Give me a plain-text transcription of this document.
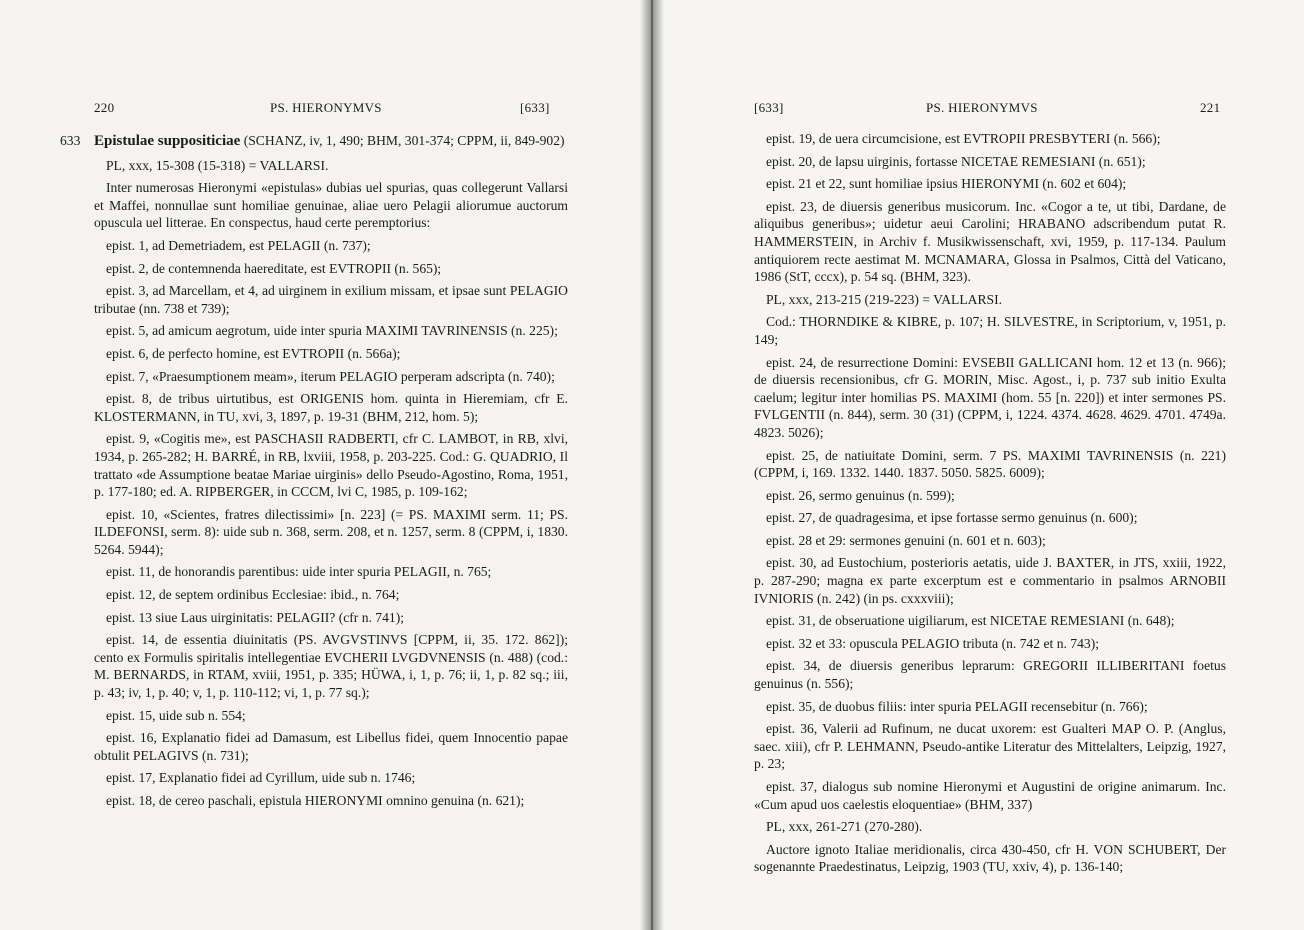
220	PS. HIERONYMVS	[633]
633 Epistulae suppositiciae (SCHANZ, iv, 1, 490; BHM, 301-374; CPPM, ii, 849-902)

PL, xxx, 15-308 (15-318) = VALLARSI.

Inter numerosas Hieronymi «epistulas» dubias uel spurias, quas collegerunt Vallarsi et Maffei, nonnullae sunt homiliae genuinae, aliae uero Pelagii aliorumue auctorum opuscula uel litterae. En conspectus, haud certe peremptorius:

epist. 1, ad Demetriadem, est PELAGII (n. 737);

epist. 2, de contemnenda haereditate, est EVTROPII (n. 565);

epist. 3, ad Marcellam, et 4, ad uirginem in exilium missam, et ipsae sunt PELAGIO tributae (nn. 738 et 739);

epist. 5, ad amicum aegrotum, uide inter spuria MAXIMI TAVRINENSIS (n. 225);

epist. 6, de perfecto homine, est EVTROPII (n. 566a);

epist. 7, «Praesumptionem meam», iterum PELAGIO perperam adscripta (n. 740);

epist. 8, de tribus uirtutibus, est ORIGENIS hom. quinta in Hieremiam, cfr E. KLOSTERMANN, in TU, xvi, 3, 1897, p. 19-31 (BHM, 212, hom. 5);

epist. 9, «Cogitis me», est PASCHASII RADBERTI, cfr C. LAMBOT, in RB, xlvi, 1934, p. 265-282; H. BARRÉ, in RB, lxviii, 1958, p. 203-225. Cod.: G. QUADRIO, Il trattato «de Assumptione beatae Mariae uirginis» dello Pseudo-Agostino, Roma, 1951, p. 177-180; ed. A. RIPBERGER, in CCCM, lvi C, 1985, p. 109-162;

epist. 10, «Scientes, fratres dilectissimi» [n. 223] (= PS. MAXIMI serm. 11; PS. ILDEFONSI, serm. 8): uide sub n. 368, serm. 208, et n. 1257, serm. 8 (CPPM, i, 1830. 5264. 5944);

epist. 11, de honorandis parentibus: uide inter spuria PELAGII, n. 765;

epist. 12, de septem ordinibus Ecclesiae: ibid., n. 764;

epist. 13 siue Laus uirginitatis: PELAGII? (cfr n. 741);

epist. 14, de essentia diuinitatis (PS. AVGVSTINVS [CPPM, ii, 35. 172. 862]); cento ex Formulis spiritalis intellegentiae EVCHERII LVGDVNENSIS (n. 488) (cod.: M. BERNARDS, in RTAM, xviii, 1951, p. 335; HÜWA, i, 1, p. 76; ii, 1, p. 82 sq.; iii, p. 43; iv, 1, p. 40; v, 1, p. 110-112; vi, 1, p. 77 sq.);

epist. 15, uide sub n. 554;

epist. 16, Explanatio fidei ad Damasum, est Libellus fidei, quem Innocentio papae obtulit PELAGIVS (n. 731);

epist. 17, Explanatio fidei ad Cyrillum, uide sub n. 1746;

epist. 18, de cereo paschali, epistula HIERONYMI omnino genuina (n. 621);

[633]	PS. HIERONYMVS	221

epist. 19, de uera circumcisione, est EVTROPII PRESBYTERI (n. 566);

epist. 20, de lapsu uirginis, fortasse NICETAE REMESIANI (n. 651);

epist. 21 et 22, sunt homiliae ipsius HIERONYMI (n. 602 et 604);

epist. 23, de diuersis generibus musicorum. Inc. «Cogor a te, ut tibi, Dardane, de aliquibus generibus»; uidetur aeui Carolini; HRABANO adscribendum putat R. HAMMERSTEIN, in Archiv f. Musikwissenschaft, xvi, 1959, p. 117-134. Paulum antiquiorem recte aestimat M. MCNAMARA, Glossa in Psalmos, Città del Vaticano, 1986 (StT, cccx), p. 54 sq. (BHM, 323).

PL, xxx, 213-215 (219-223) = VALLARSI.

Cod.: THORNDIKE & KIBRE, p. 107; H. SILVESTRE, in Scriptorium, v, 1951, p. 149;

epist. 24, de resurrectione Domini: EVSEBII GALLICANI hom. 12 et 13 (n. 966); de diuersis recensionibus, cfr G. MORIN, Misc. Agost., i, p. 737 sub initio Exulta caelum; legitur inter homilias PS. MAXIMI (hom. 55 [n. 220]) et inter sermones PS. FVLGENTII (n. 844), serm. 30 (31) (CPPM, i, 1224. 4374. 4628. 4629. 4701. 4749a. 4823. 5026);

epist. 25, de natiuitate Domini, serm. 7 PS. MAXIMI TAVRINENSIS (n. 221) (CPPM, i, 169. 1332. 1440. 1837. 5050. 5825. 6009);

epist. 26, sermo genuinus (n. 599);

epist. 27, de quadragesima, et ipse fortasse sermo genuinus (n. 600);

epist. 28 et 29: sermones genuini (n. 601 et n. 603);

epist. 30, ad Eustochium, posterioris aetatis, uide J. BAXTER, in JTS, xxiii, 1922, p. 287-290; magna ex parte excerptum est e commentario in psalmos ARNOBII IVNIORIS (n. 242) (in ps. cxxxviii);

epist. 31, de obseruatione uigiliarum, est NICETAE REMESIANI (n. 648);

epist. 32 et 33: opuscula PELAGIO tributa (n. 742 et n. 743);

epist. 34, de diuersis generibus leprarum: GREGORII ILLIBERITANI foetus genuinus (n. 556);

epist. 35, de duobus filiis: inter spuria PELAGII recensebitur (n. 766);

epist. 36, Valerii ad Rufinum, ne ducat uxorem: est Gualteri MAP O. P. (Anglus, saec. xiii), cfr P. LEHMANN, Pseudo-antike Literatur des Mittelalters, Leipzig, 1927, p. 23;

epist. 37, dialogus sub nomine Hieronymi et Augustini de origine animarum. Inc. «Cum apud uos caelestis eloquentiae» (BHM, 337)

PL, xxx, 261-271 (270-280).

Auctore ignoto Italiae meridionalis, circa 430-450, cfr H. VON SCHUBERT, Der sogenannte Praedestinatus, Leipzig, 1903 (TU, xxiv, 4), p. 136-140;
